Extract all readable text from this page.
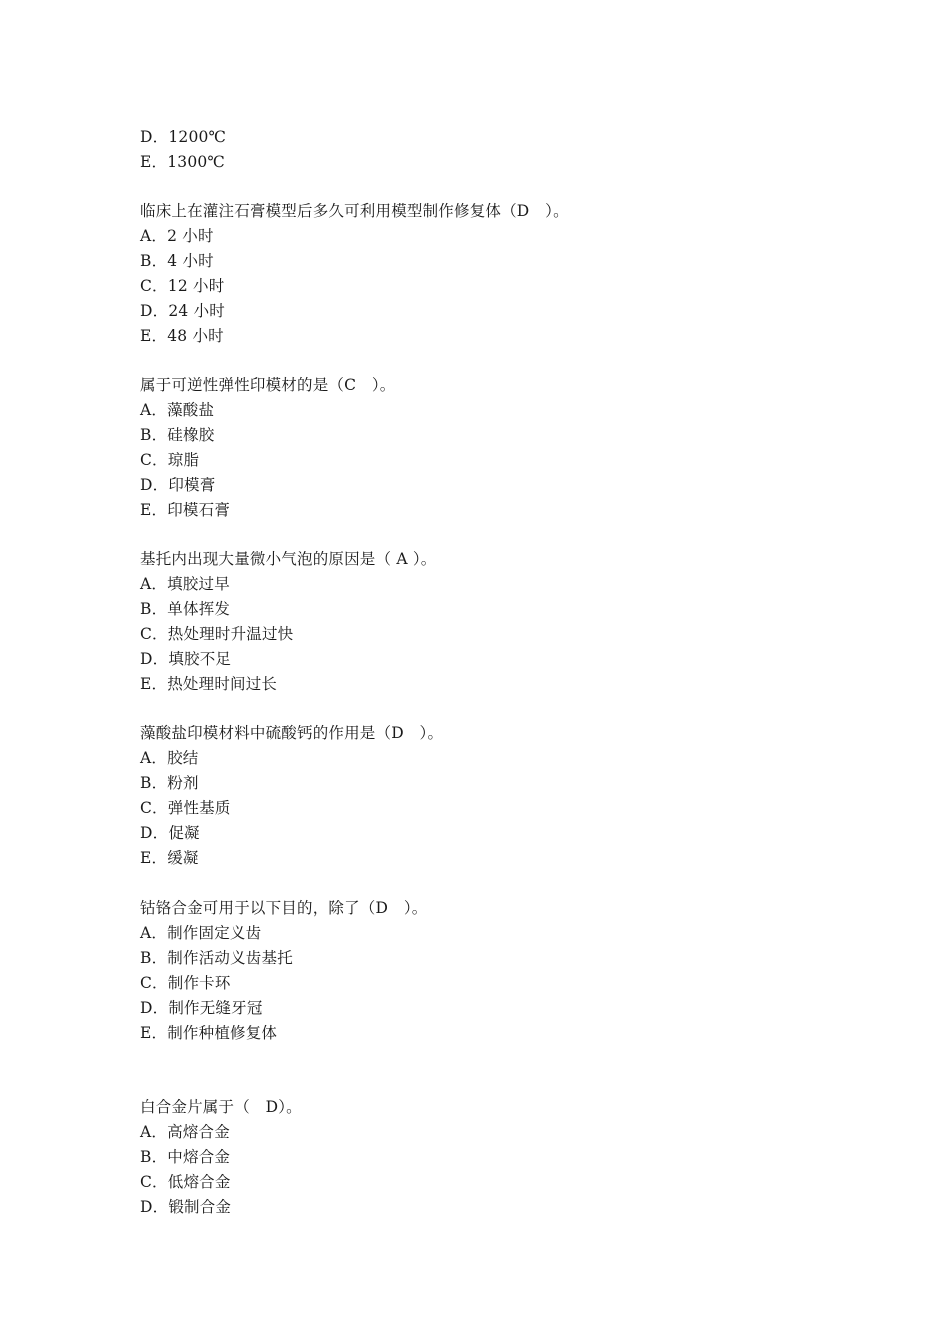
D．1200℃
E．1300℃
临床上在灌注石膏模型后多久可利用模型制作修复体（D　）。
A．2 小时
B．4 小时
C．12 小时
D．24 小时
E．48 小时
属于可逆性弹性印模材的是（C　）。
A．藻酸盐
B．硅橡胶
C．琼脂
D．印模膏
E．印模石膏
基托内出现大量微小气泡的原因是（ A ）。
A．填胶过早
B．单体挥发
C．热处理时升温过快
D．填胶不足
E．热处理时间过长
藻酸盐印模材料中硫酸钙的作用是（D　）。
A．胶结
B．粉剂
C．弹性基质
D．促凝
E．缓凝
钴铬合金可用于以下目的，除了（D　）。
A．制作固定义齿
B．制作活动义齿基托
C．制作卡环
D．制作无缝牙冠
E．制作种植修复体
白合金片属于（　D）。
A．高熔合金
B．中熔合金
C．低熔合金
D．锻制合金
